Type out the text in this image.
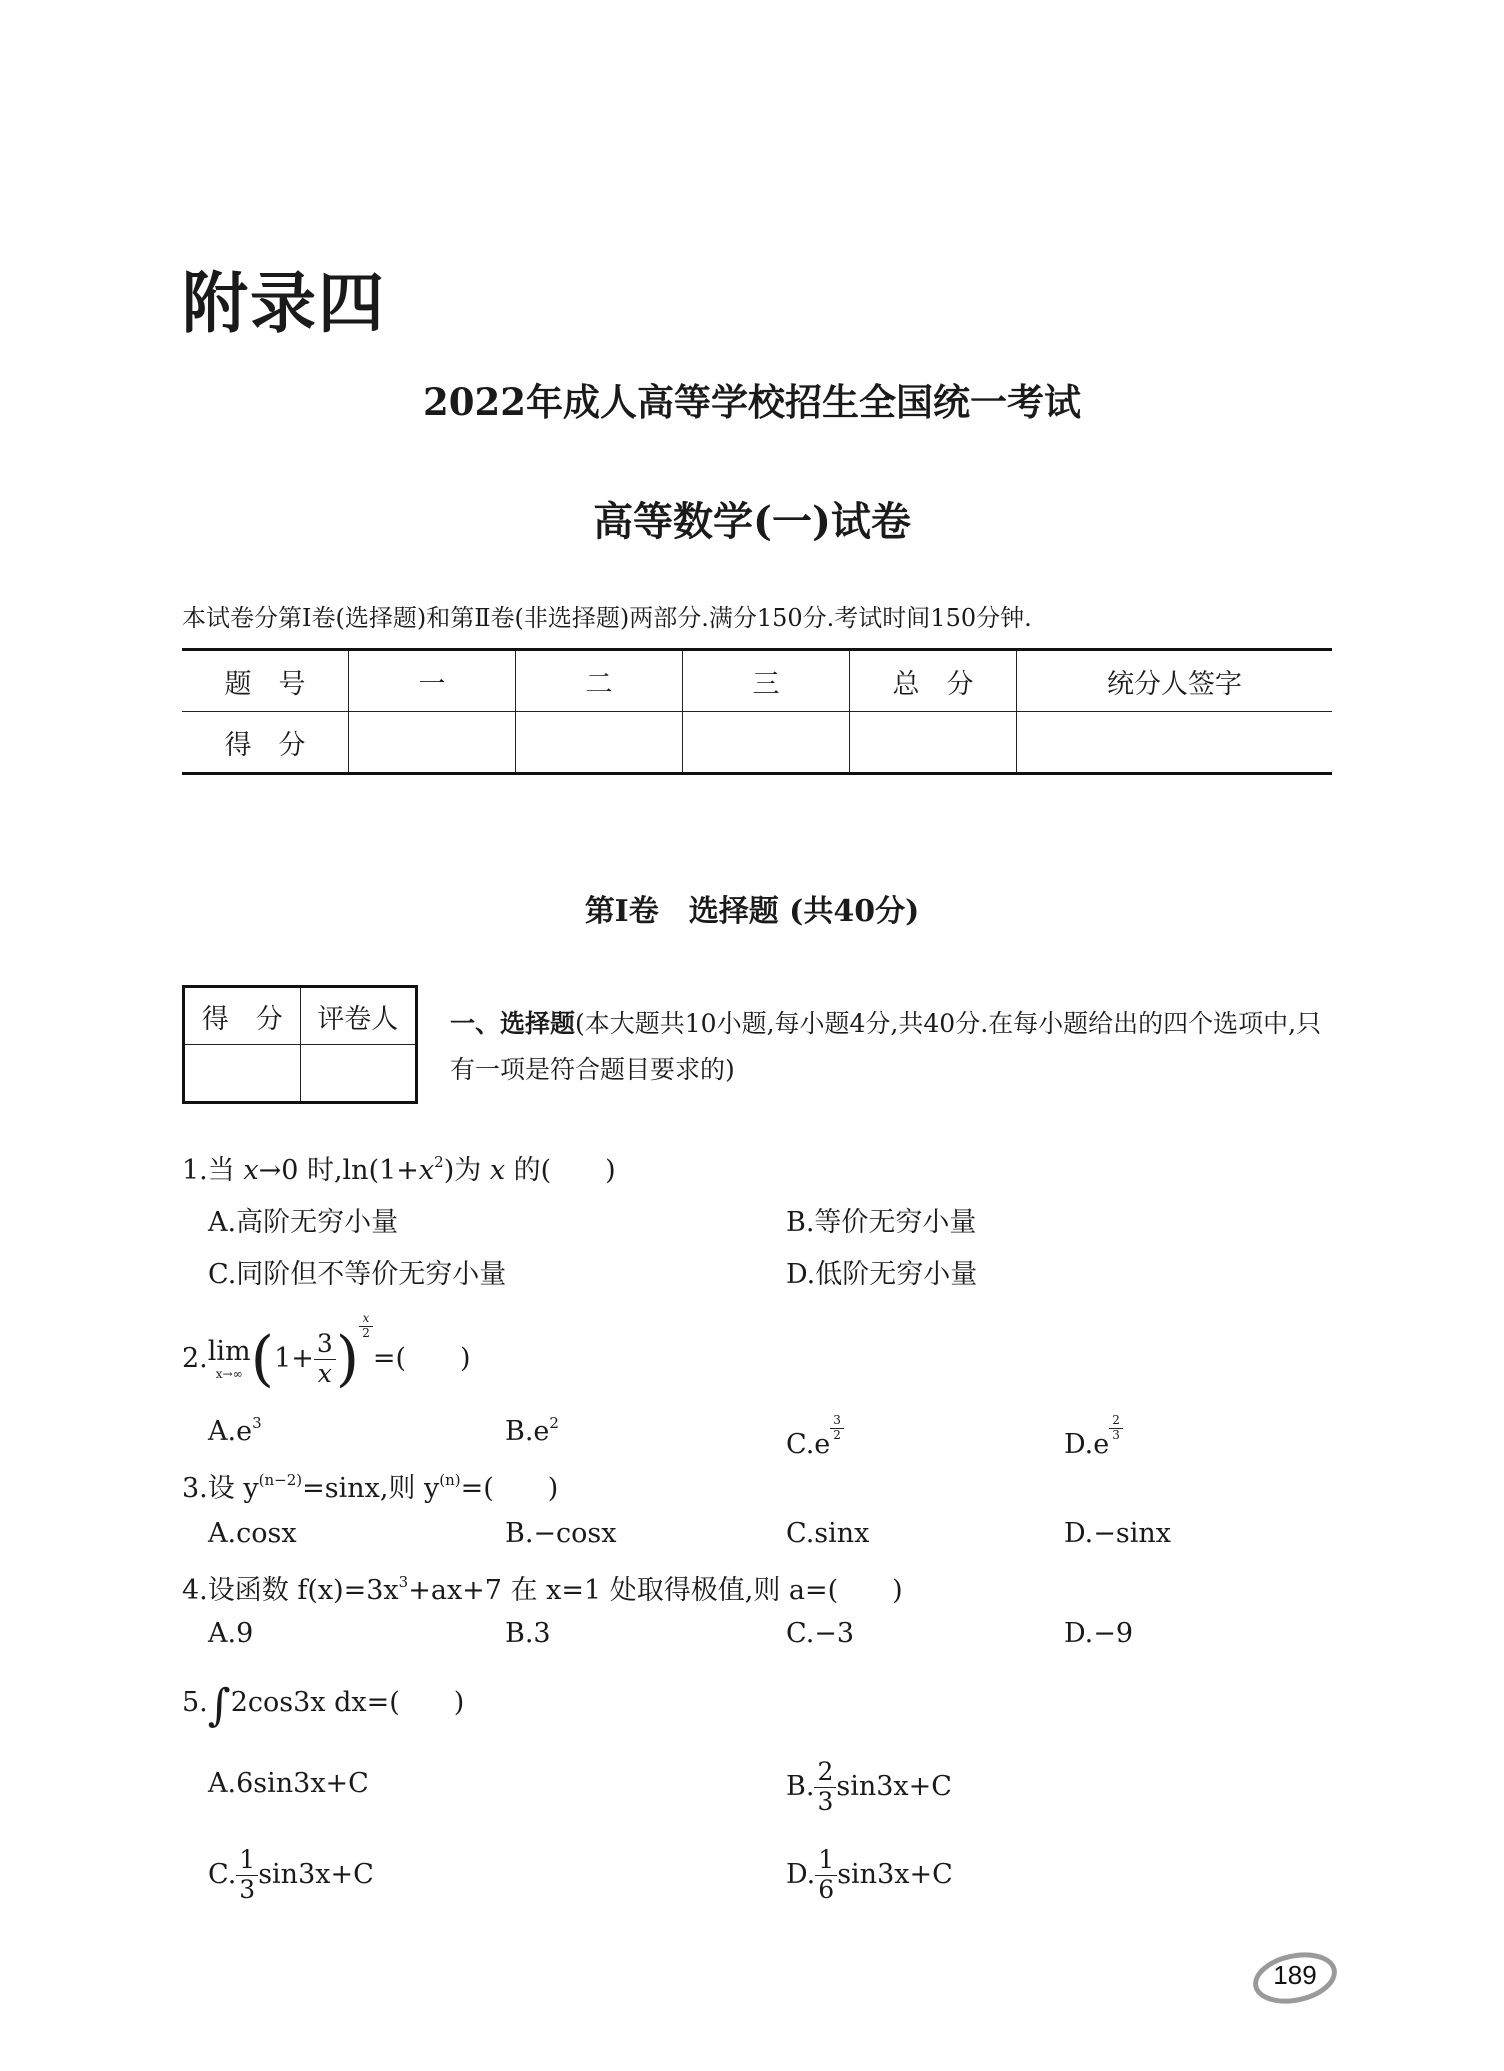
附录四
2022年成人高等学校招生全国统一考试
高等数学(一)试卷
本试卷分第Ⅰ卷(选择题)和第Ⅱ卷(非选择题)两部分.满分150分.考试时间150分钟.
题　号	一	二	三	总　分	统分人签字
得　分					
第Ⅰ卷　选择题 (共40分)
得　分	评卷人
	一、选择题(本大题共10小题,每小题4分,共40分.在每小题给出的四个选项中,只有一项是符合题目要求的)
1.当 x→0 时$,\ln(1+x^2)$为 x 的(　　)
A.高阶无穷小量	B.等价无穷小量
C.同阶但不等价无穷小量	D.低阶无穷小量
2.lim
x→∞ ($1+ \frac{3}{x}$ ) $\frac{x}{2}$
=(　　)
$A.e^3$	$B.e^2$
C.e
$\frac{3}{2}$
D.e
$\frac{2}{3}$
3.设 $y^{(n-2)}=\sin x$,则 $y^{(n)}=$(　　)
A.cosx	B.−cosx	C.sinx	D.−sinx
4.设函数 $f(x)=3x^3+ax+7$ 在 x=1 处取得极值,则 a=(　　)
A.9	B.3	C.−3	D.−9
5.∫2cos3x dx=(　　)
A.6sin3x+C	B. $\frac{2}{3} \sin 3x+C$
C. $\frac{1}{3} \sin 3x+C$	D. $\frac{1}{6} \sin 3x+C$
189
